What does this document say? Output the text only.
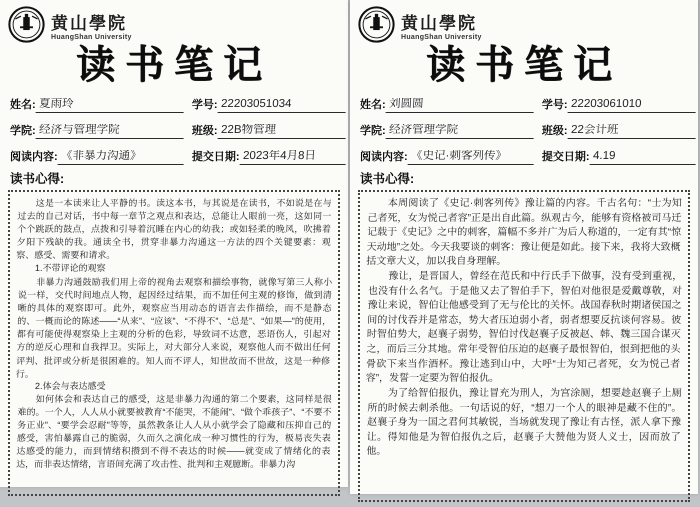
黄山學院
HuangShan University
读书笔记
姓名: 夏雨玲	学号: 22203051034
学院: 经济与管理学院	班级: 22B物管理
阅读内容: 《非暴力沟通》	提交日期: 2023年4月8日
读书心得:

这是一本读来让人平静的书。读这本书，与其说是在读书，不如说是在与过去的自己对话，书中每一章节之观点和表达，总能让人眼前一亮，这如同一个个跳跃的鼓点，点拨和引导着沉睡在内心的幼我；或如轻柔的晚风，吹拂着夕阳下残缺的我。通读全书，贯穿非暴力沟通这一方法的四个关键要素：观察、感受、需要和请求。

1.不带评论的观察

非暴力沟通鼓励我们用上帝的视角去观察和描绘事物，就像写第三人称小说一样，交代时间地点人物，起因经过结果，而不加任何主观的修饰，做到清晰的具体的观察即可。此外，观察应当用动态的语言去作描绘，而不是静态的、一概而论的陈述——“从来”、“应该”、“不得不”、“总是”、“如果—”的使用，都有可能使得观察染上主观的分析的色彩，导致词不达意，恶语伤人，引起对方的逆反心理和自我捍卫。实际上，对大部分人来说，观察他人而不做出任何评判、批评或分析是很困难的。知人而不评人，知世故而不世故，这是一种修行。

2.体会与表达感受

如何体会和表达自己的感受，这是非暴力沟通的第二个要素，这同样是很难的。一个人，人人从小就要被教育“不能哭，不能闹”、“做个乖孩子”、“不要不务正业”、“要学会忍耐”等等，虽然教条让人人从小就学会了隐藏和压抑自己的感受，害怕暴露自己的脆弱，久而久之演化成一种习惯性的行为，极易丧失表达感受的能力，而到情绪积攒到不得不表达的时候——就变成了情绪化的表达，而非表达情绪，言语间充满了攻击性、批判和主观臆断。非暴力沟

黄山學院
HuangShan University
读书笔记
姓名: 刘圆圆	学号: 22203061010
学院: 经济管理学院	班级: 22会计班
阅读内容: 《史记·刺客列传》	提交日期: 4.19
读书心得:

本周阅读了《史记·刺客列传》豫让篇的内容。千古名句：“士为知己者死，女为悦己者容”正是出自此篇。纵观古今，能够有资格被司马迁记载于《史记》之中的刺客，篇幅不多并广为后人称道的，一定有其“惊天动地”之处。今天我要谈的刺客：豫让便是如此。接下来，我将大致概括文章大义，加以我自身理解。

豫让，是晋国人，曾经在范氏和中行氏手下做事，没有受到重视，也没有什么名气。于是他又去了智伯手下，智伯对他很是爱戴尊敬，对豫让来说，智伯让他感受到了无与伦比的关怀。战国春秋时期诸侯国之间的讨伐吞并是常态，势大者压迫弱小者，弱者想要反抗谈何容易。彼时智伯势大，赵襄子弱势，智伯讨伐赵襄子反被赵、韩、魏三国合谋灭之，而后三分其地。常年受智伯压迫的赵襄子最恨智伯，恨到把他的头骨砍下来当作酒杯。豫让逃到山中，大呼“士为知己者死，女为悦己者容”，发誓一定要为智伯报仇。

为了给智伯报仇，豫让冒充为刑人，为宫涂厕，想要趁赵襄子上厕所的时候去刺杀他。一句话说的好，“想刀一个人的眼神是藏不住的”。赵襄子身为一国之君何其敏锐，当场就发现了豫让有古怪，派人拿下豫让。得知他是为智伯报仇之后，赵襄子大赞他为贤人义士，因而放了他。
